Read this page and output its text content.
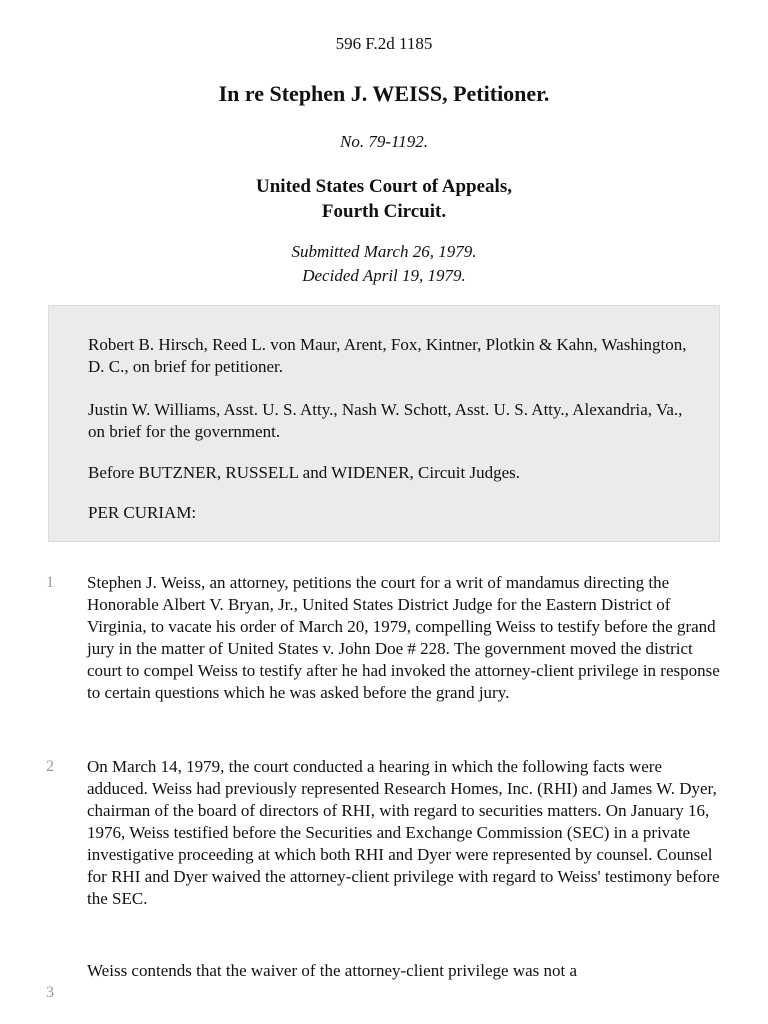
596 F.2d 1185
In re Stephen J. WEISS, Petitioner.
No. 79-1192.
United States Court of Appeals,
Fourth Circuit.
Submitted March 26, 1979.
Decided April 19, 1979.

Robert B. Hirsch, Reed L. von Maur, Arent, Fox, Kintner, Plotkin & Kahn, Washington, D. C., on brief for petitioner.

Justin W. Williams, Asst. U. S. Atty., Nash W. Schott, Asst. U. S. Atty., Alexandria, Va., on brief for the government.

Before BUTZNER, RUSSELL and WIDENER, Circuit Judges.

PER CURIAM:

1 Stephen J. Weiss, an attorney, petitions the court for a writ of mandamus directing the Honorable Albert V. Bryan, Jr., United States District Judge for the Eastern District of Virginia, to vacate his order of March 20, 1979, compelling Weiss to testify before the grand jury in the matter of United States v. John Doe # 228. The government moved the district court to compel Weiss to testify after he had invoked the attorney-client privilege in response to certain questions which he was asked before the grand jury.

2 On March 14, 1979, the court conducted a hearing in which the following facts were adduced. Weiss had previously represented Research Homes, Inc. (RHI) and James W. Dyer, chairman of the board of directors of RHI, with regard to securities matters. On January 16, 1976, Weiss testified before the Securities and Exchange Commission (SEC) in a private investigative proceeding at which both RHI and Dyer were represented by counsel. Counsel for RHI and Dyer waived the attorney-client privilege with regard to Weiss' testimony before the SEC.

3

Weiss contends that the waiver of the attorney-client privilege was not a
